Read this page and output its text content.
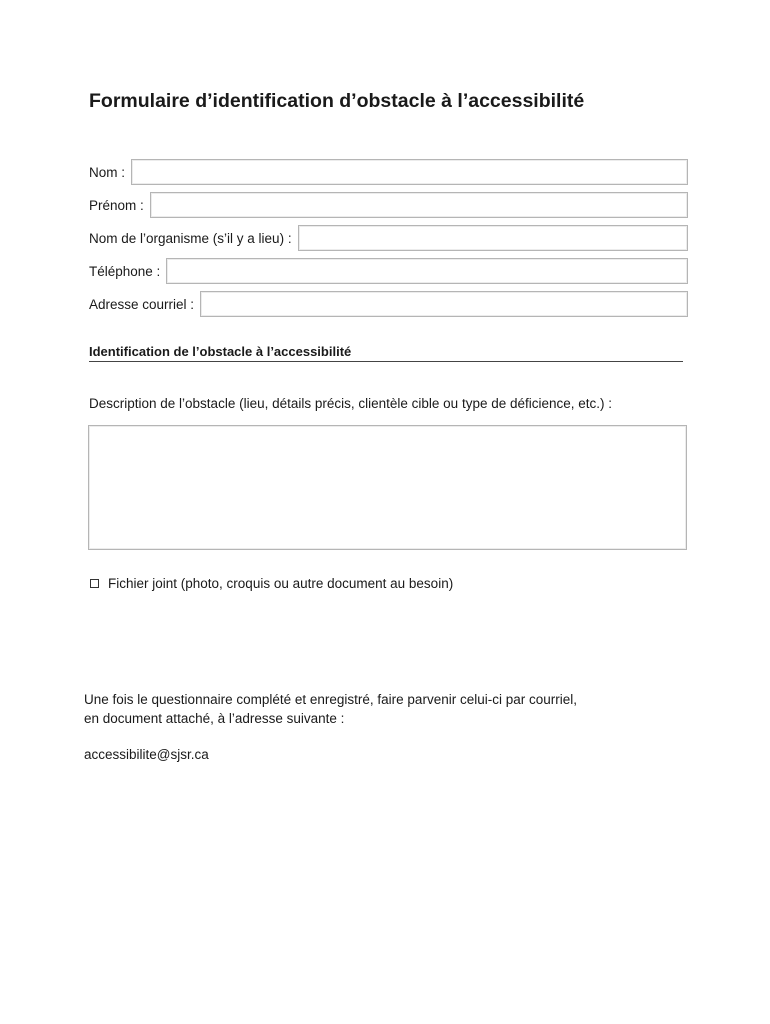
Formulaire d’identification d’obstacle à l’accessibilité
Nom :
Prénom :
Nom de l’organisme (s’il y a lieu) :
Téléphone :
Adresse courriel :
Identification de l’obstacle à l’accessibilité
Description de l’obstacle (lieu, détails précis, clientèle cible ou type de déficience, etc.) :
Fichier joint (photo, croquis ou autre document au besoin)
Une fois le questionnaire complété et enregistré, faire parvenir celui-ci par courriel,
en document attaché, à l’adresse suivante :
accessibilite@sjsr.ca
